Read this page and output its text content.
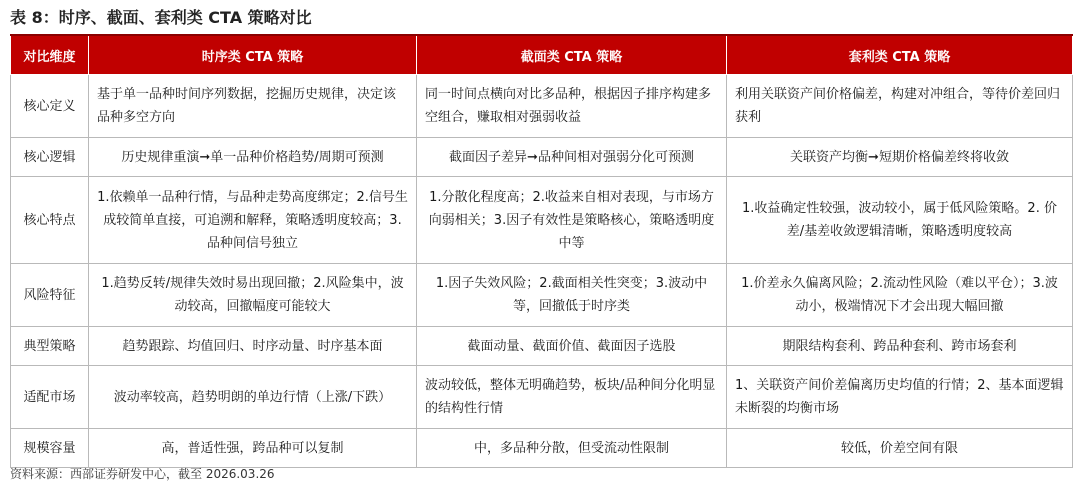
表 8：时序、截面、套利类 CTA 策略对比
对比维度	时序类 CTA 策略	截面类 CTA 策略	套利类 CTA 策略
核心定义	基于单一品种时间序列数据，挖掘历史规律，决定该品种多空方向	同一时间点横向对比多品种，根据因子排序构建多空组合，赚取相对强弱收益	利用关联资产间价格偏差，构建对冲组合，等待价差回归获利
核心逻辑	历史规律重演➞单一品种价格趋势/周期可预测	截面因子差异➞品种间相对强弱分化可预测	关联资产均衡➞短期价格偏差终将收敛
核心特点	1.依赖单一品种行情，与品种走势高度绑定；2.信号生成较简单直接，可追溯和解释，策略透明度较高；3. 品种间信号独立	1.分散化程度高；2.收益来自相对表现，与市场方向弱相关；3.因子有效性是策略核心，策略透明度中等	1.收益确定性较强，波动较小，属于低风险策略。2. 价差/基差收敛逻辑清晰，策略透明度较高
风险特征	1.趋势反转/规律失效时易出现回撤；2.风险集中，波动较高，回撤幅度可能较大	1.因子失效风险；2.截面相关性突变；3.波动中等，回撤低于时序类	1.价差永久偏离风险；2.流动性风险（难以平仓）；3.波动小，极端情况下才会出现大幅回撤
典型策略	趋势跟踪、均值回归、时序动量、时序基本面	截面动量、截面价值、截面因子选股	期限结构套利、跨品种套利、跨市场套利
适配市场	波动率较高，趋势明朗的单边行情（上涨/下跌）	波动较低，整体无明确趋势，板块/品种间分化明显的结构性行情	1、关联资产间价差偏离历史均值的行情；2、基本面逻辑未断裂的均衡市场
规模容量	高，普适性强，跨品种可以复制	中，多品种分散，但受流动性限制	较低，价差空间有限
资料来源：西部证券研发中心，截至 2026.03.26
